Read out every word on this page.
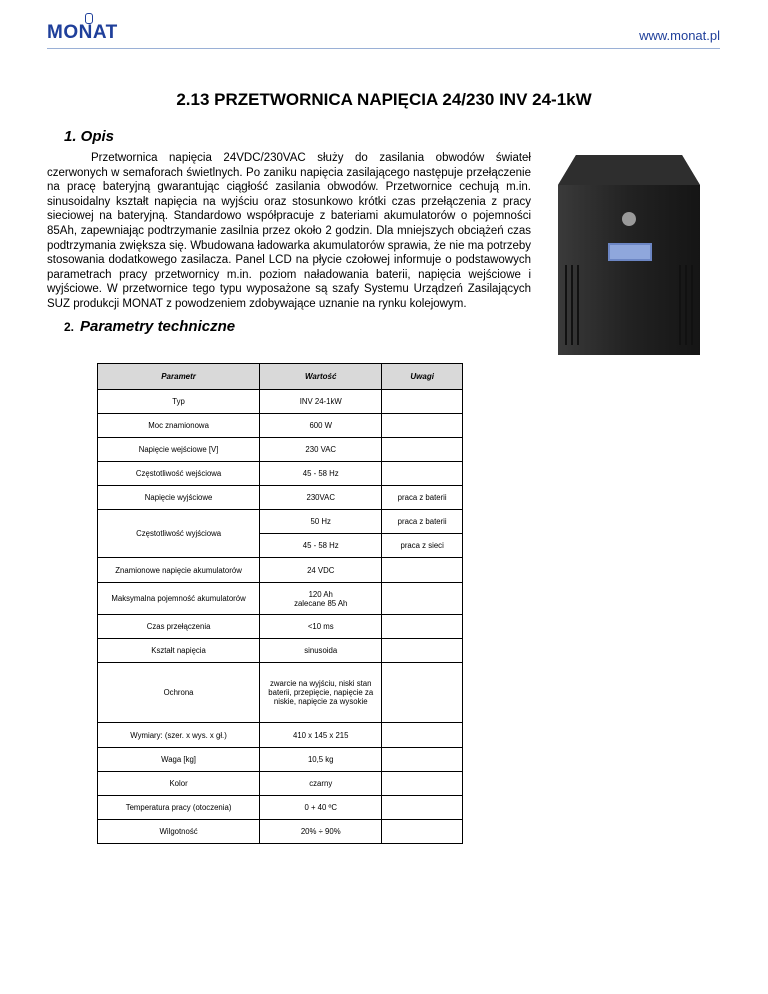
MONAT	www.monat.pl
2.13 PRZETWORNICA NAPIĘCIA 24/230 INV 24-1kW
1. Opis

Przetwornica napięcia 24VDC/230VAC służy do zasilania obwodów świateł czerwonych w semaforach świetlnych. Po zaniku napięcia zasilającego następuje przełączenie na pracę bateryjną gwarantując ciągłość zasilania obwodów. Przetwornice cechują m.in. sinusoidalny kształt napięcia na wyjściu oraz stosunkowo krótki czas przełączenia z pracy sieciowej na bateryjną. Standardowo współpracuje z bateriami akumulatorów o pojemności 85Ah, zapewniając podtrzymanie zasilnia przez około 2 godzin. Dla mniejszych obciążeń czas podtrzymania zwiększa się. Wbudowana ładowarka akumulatorów sprawia, że nie ma potrzeby stosowania dodatkowego zasilacza. Panel LCD na płycie czołowej informuje o podstawowych parametrach pracy przetwornicy m.in. poziom naładowania baterii, napięcia wejściowe i wyjściowe. W przetwornice tego typu wyposażone są szafy Systemu Urządzeń Zasilających SUZ produkcji MONAT z powodzeniem zdobywające uznanie na rynku kolejowym.

2. Parametry techniczne
Parametr	Wartość	Uwagi
Typ	INV 24-1kW	
Moc znamionowa	600 W	
Napięcie wejściowe [V]	230 VAC	
Częstotliwość wejściowa	45 - 58 Hz	
Napięcie wyjściowe	230VAC	praca z baterii
Częstotliwość wyjściowa	50 Hz	praca z baterii
	45 - 58 Hz	praca z sieci
Znamionowe napięcie akumulatorów	24 VDC	
Maksymalna pojemność akumulatorów	120 Ah
zalecane 85 Ah	
Czas przełączenia	<10 ms	
Kształt napięcia	sinusoida	
Ochrona	zwarcie na wyjściu, niski stan baterii, przepięcie, napięcie za niskie, napięcie za wysokie	
Wymiary: (szer. x wys. x gł.)	410 x 145 x 215	
Waga [kg]	10,5 kg	
Kolor	czarny	
Temperatura pracy (otoczenia)	0 + 40 ºC	
Wilgotność	20% ÷ 90%	
